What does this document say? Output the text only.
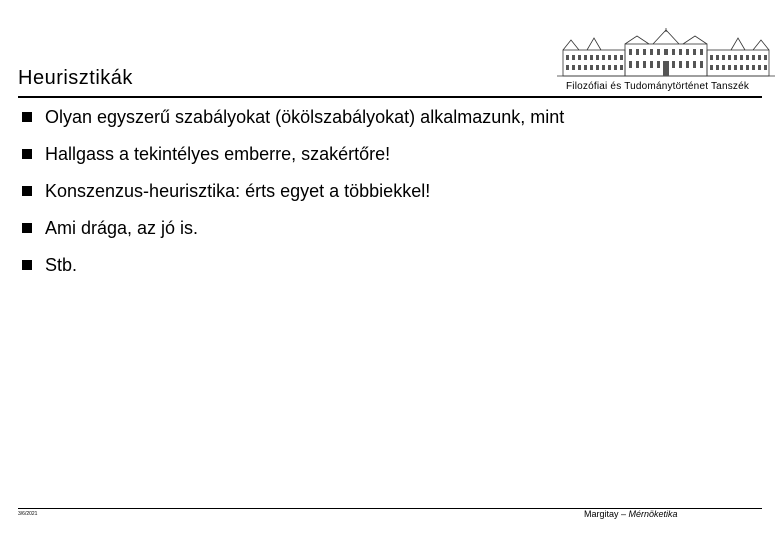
Heurisztikák	Filozófiai és Tudománytörténet Tanszék
Olyan egyszerű szabályokat (ökölszabályokat) alkalmazunk, mint
Hallgass a tekintélyes emberre, szakértőre!
Konszenzus-heurisztika: érts egyet a többiekkel!
Ami drága, az jó is.
Stb.
3/6/2021	Margitay – Mérnöketika
